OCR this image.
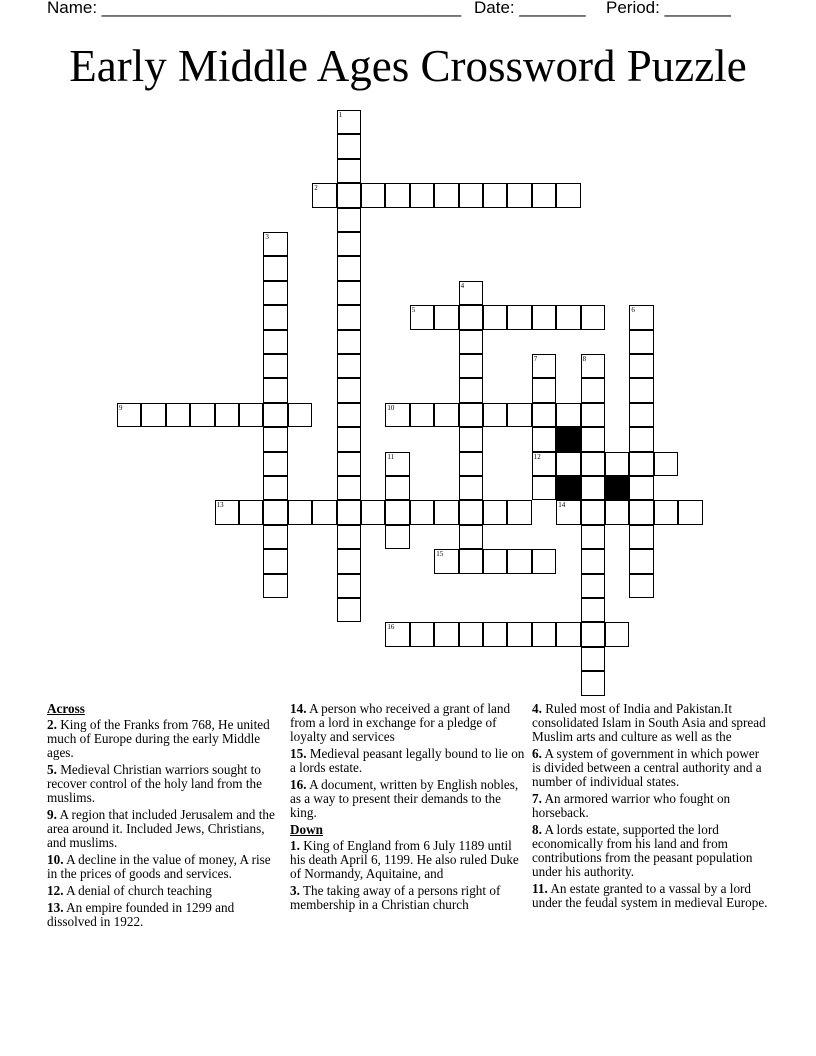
Name: ______________________________________ Date: _______ Period: _______
Early Middle Ages Crossword Puzzle
1
2
3
4
5	6
7
12
8
9	10
11
13	14
15
16
Across
2. King of the Franks from 768, He united much of Europe during the early Middle ages.
5. Medieval Christian warriors sought to recover control of the holy land from the muslims.
9. A region that included Jerusalem and the area around it. Included Jews, Christians, and muslims.
10. A decline in the value of money, A rise in the prices of goods and services.
12. A denial of church teaching
13. An empire founded in 1299 and dissolved in 1922.
14. A person who received a grant of land from a lord in exchange for a pledge of loyalty and services
15. Medieval peasant legally bound to lie on a lords estate.
16. A document, written by English nobles, as a way to present their demands to the king.
Down
1. King of England from 6 July 1189 until his death April 6, 1199. He also ruled Duke of Normandy, Aquitaine, and
3. The taking away of a persons right of membership in a Christian church
4. Ruled most of India and Pakistan.It consolidated Islam in South Asia and spread Muslim arts and culture as well as the
6. A system of government in which power is divided between a central authority and a number of individual states.
7. An armored warrior who fought on horseback.
8. A lords estate, supported the lord economically from his land and from contributions from the peasant population under his authority.
11. An estate granted to a vassal by a lord under the feudal system in medieval Europe.
